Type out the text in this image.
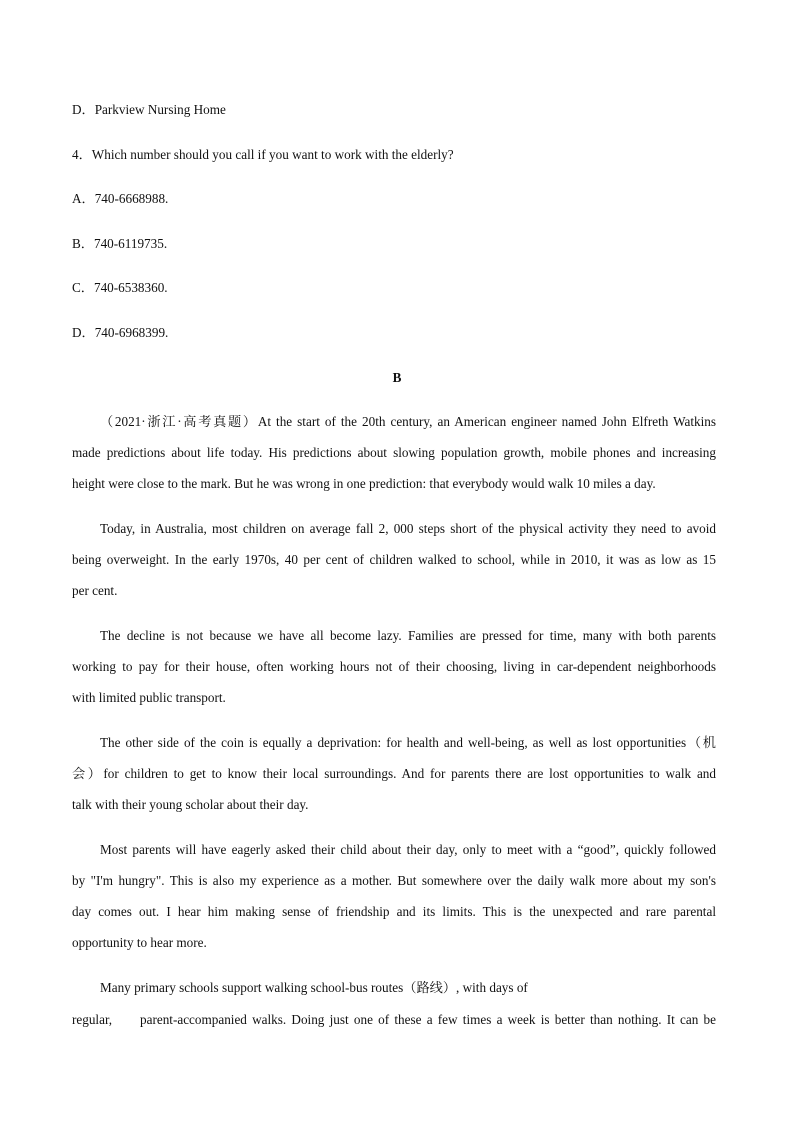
D．Parkview Nursing Home
4．Which number should you call if you want to work with the elderly?
A．740-6668988.
B．740-6119735.
C．740-6538360.
D．740-6968399.
B
（2021·浙江·高考真题）At the start of the 20th century, an American engineer named John Elfreth Watkins
made predictions about life today. His predictions about slowing population growth, mobile phones and increasing
height were close to the mark. But he was wrong in one prediction: that everybody would walk 10 miles a day.
Today, in Australia, most children on average fall 2, 000 steps short of the physical activity they need to avoid
being overweight. In the early 1970s, 40 per cent of children walked to school, while in 2010, it was as low as 15
per cent.
The decline is not because we have all become lazy. Families are pressed for time, many with both parents
working to pay for their house, often working hours not of their choosing, living in car-dependent neighborhoods
with limited public transport.
The other side of the coin is equally a deprivation: for health and well-being, as well as lost opportunities（机
会）for children to get to know their local surroundings. And for parents there are lost opportunities to walk and
talk with their young scholar about their day.
Most parents will have eagerly asked their child about their day, only to meet with a “good”, quickly followed
by "I'm hungry". This is also my experience as a mother. But somewhere over the daily walk more about my son's
day comes out. I hear him making sense of friendship and its limits. This is the unexpected and rare parental
opportunity to hear more.
Many primary schools support walking school-bus routes（路线）, with days of
regular, parent-accompanied walks. Doing just one of these a few times a week is better than nothing. It can be
